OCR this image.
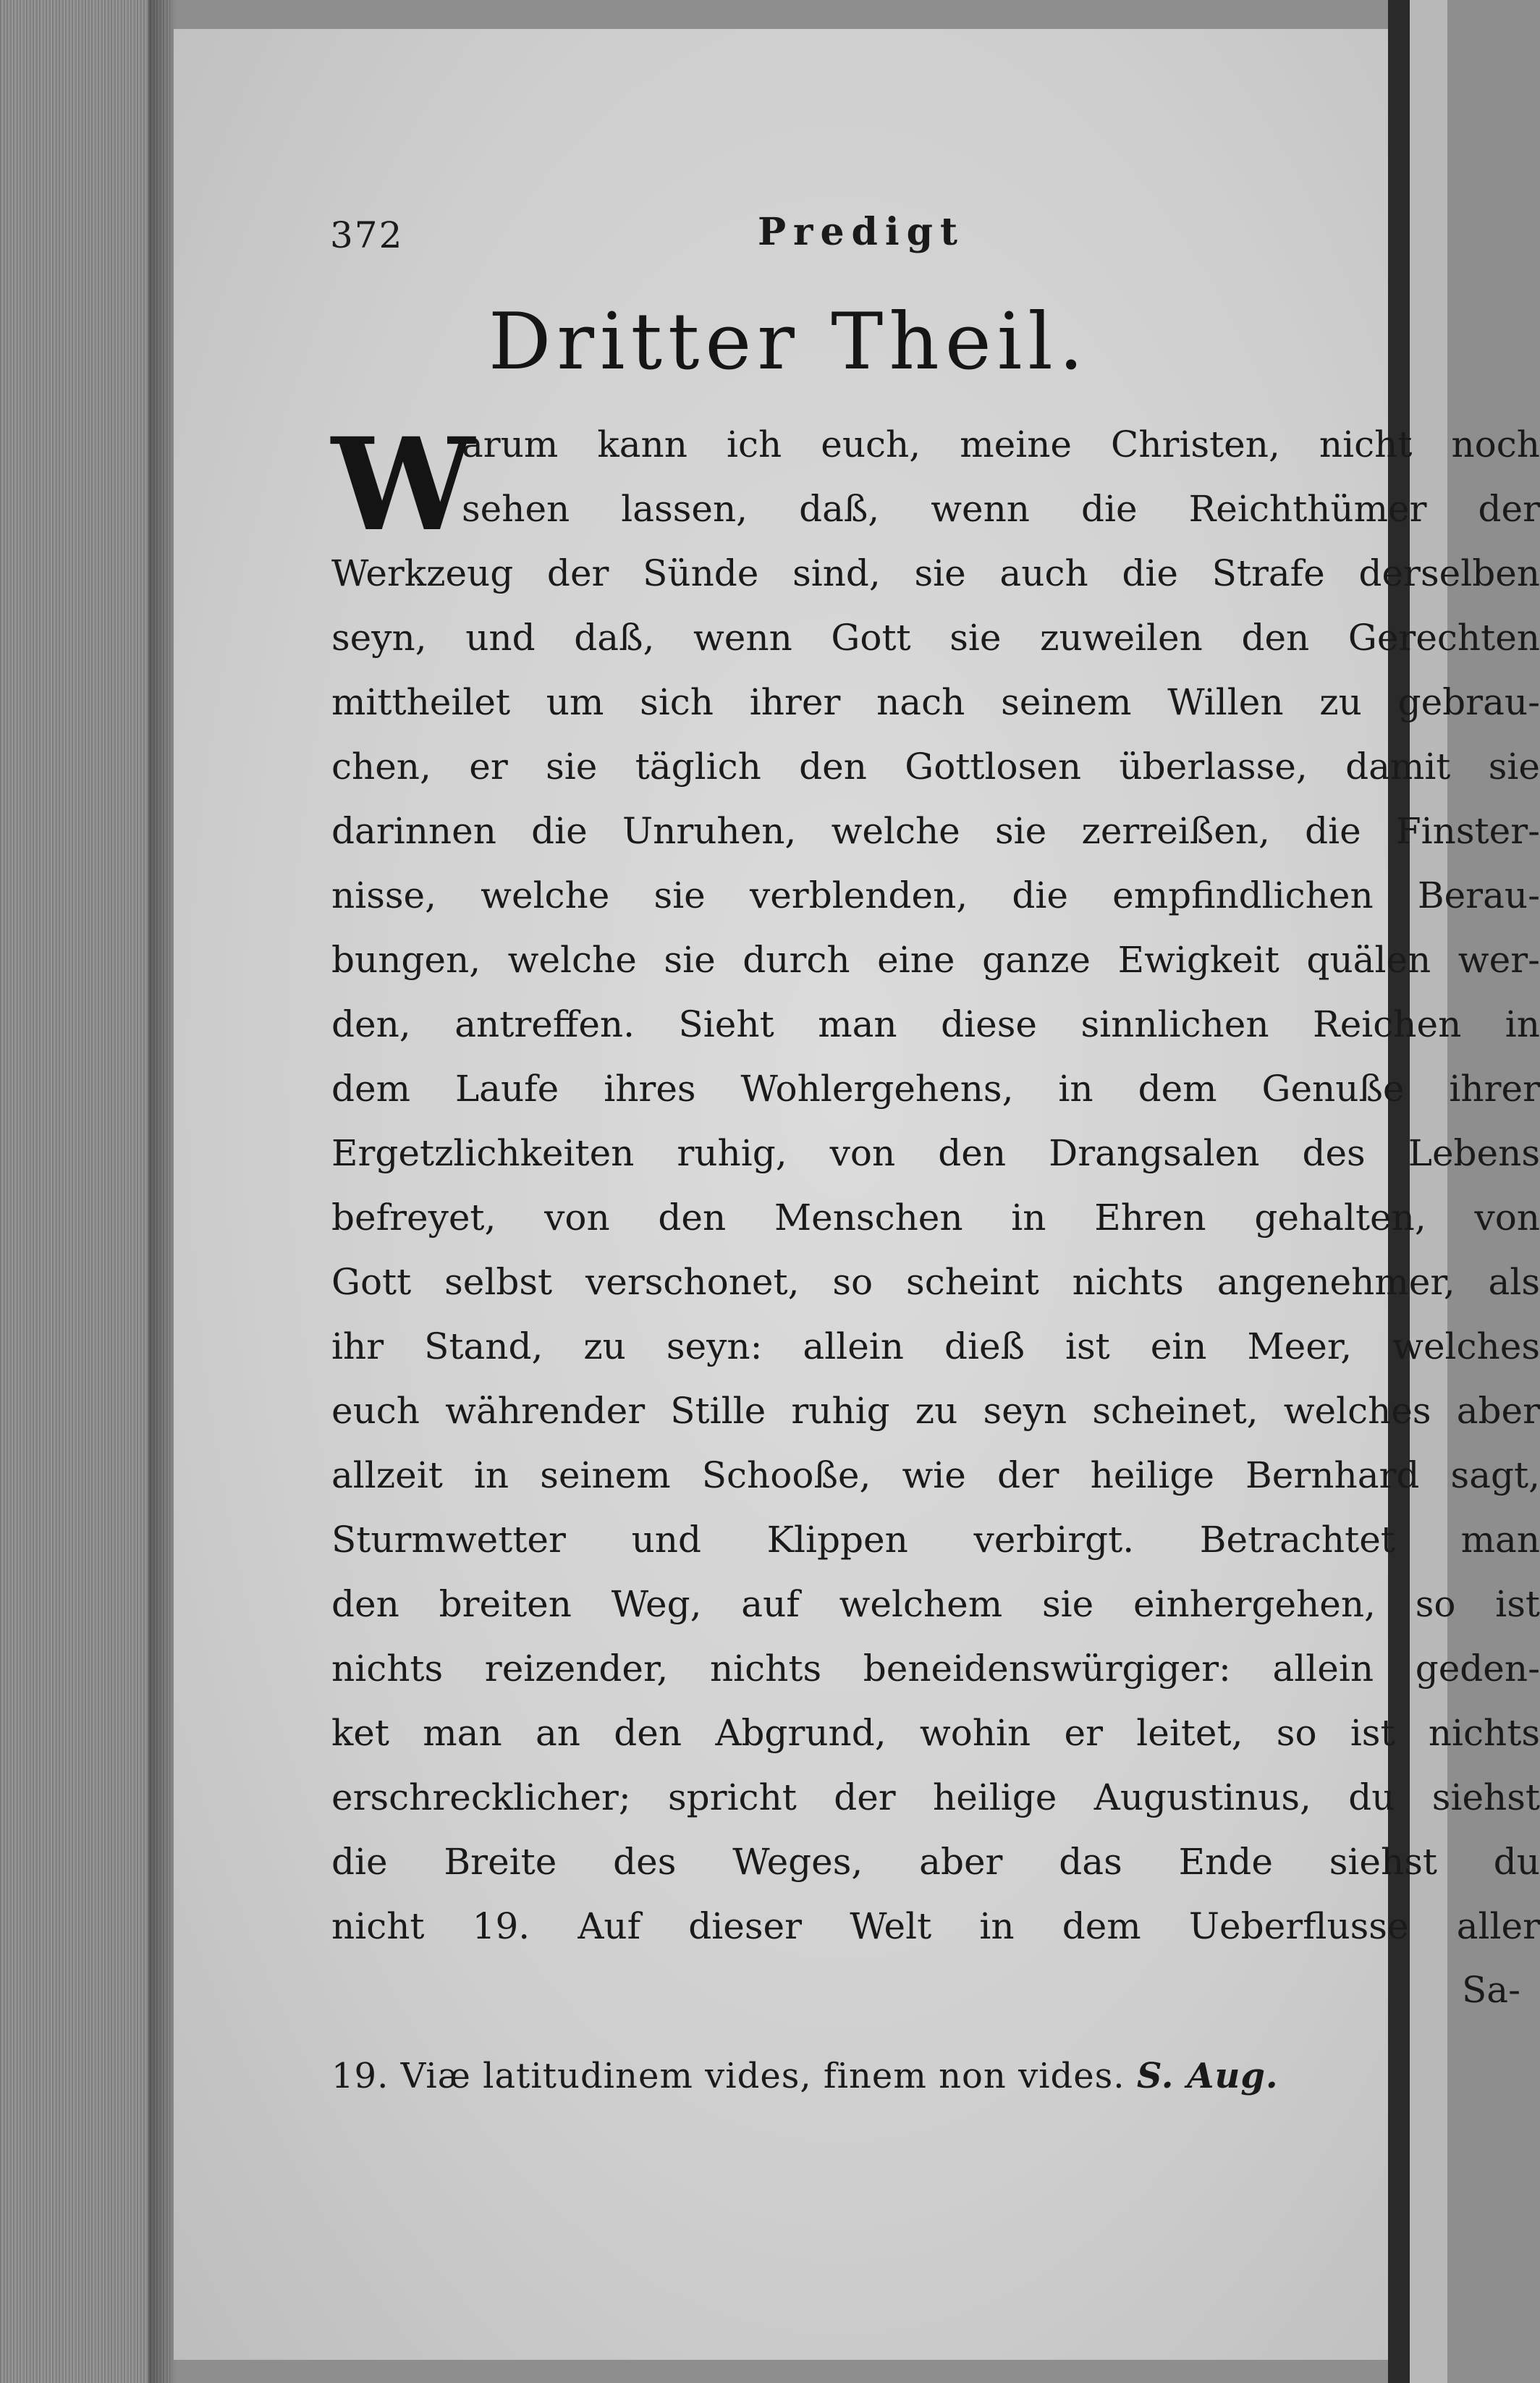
372	Predigt
Dritter Theil.
W
arum kann ich euch, meine Christen, nicht noch
sehen lassen, daß, wenn die Reichthümer der
Werkzeug der Sünde sind, sie auch die Strafe derselben
seyn, und daß, wenn Gott sie zuweilen den Gerechten
mittheilet um sich ihrer nach seinem Willen zu gebrau-
chen, er sie täglich den Gottlosen überlasse, damit sie
darinnen die Unruhen, welche sie zerreißen, die Finster-
nisse, welche sie verblenden, die empfindlichen Berau-
bungen, welche sie durch eine ganze Ewigkeit quälen wer-
den, antreffen. Sieht man diese sinnlichen Reichen in
dem Laufe ihres Wohlergehens, in dem Genuße ihrer
Ergetzlichkeiten ruhig, von den Drangsalen des Lebens
befreyet, von den Menschen in Ehren gehalten, von
Gott selbst verschonet, so scheint nichts angenehmer, als
ihr Stand, zu seyn: allein dieß ist ein Meer, welches
euch währender Stille ruhig zu seyn scheinet, welches aber
allzeit in seinem Schooße, wie der heilige Bernhard sagt,
Sturmwetter und Klippen verbirgt. Betrachtet man
den breiten Weg, auf welchem sie einhergehen, so ist
nichts reizender, nichts beneidenswürgiger: allein geden-
ket man an den Abgrund, wohin er leitet, so ist nichts
erschrecklicher; spricht der heilige Augustinus, du siehst
die Breite des Weges, aber das Ende siehst du
nicht 19. Auf dieser Welt in dem Ueberflusse aller
Sa-
19. Viæ latitudinem vides, finem non vides. S. Aug.
